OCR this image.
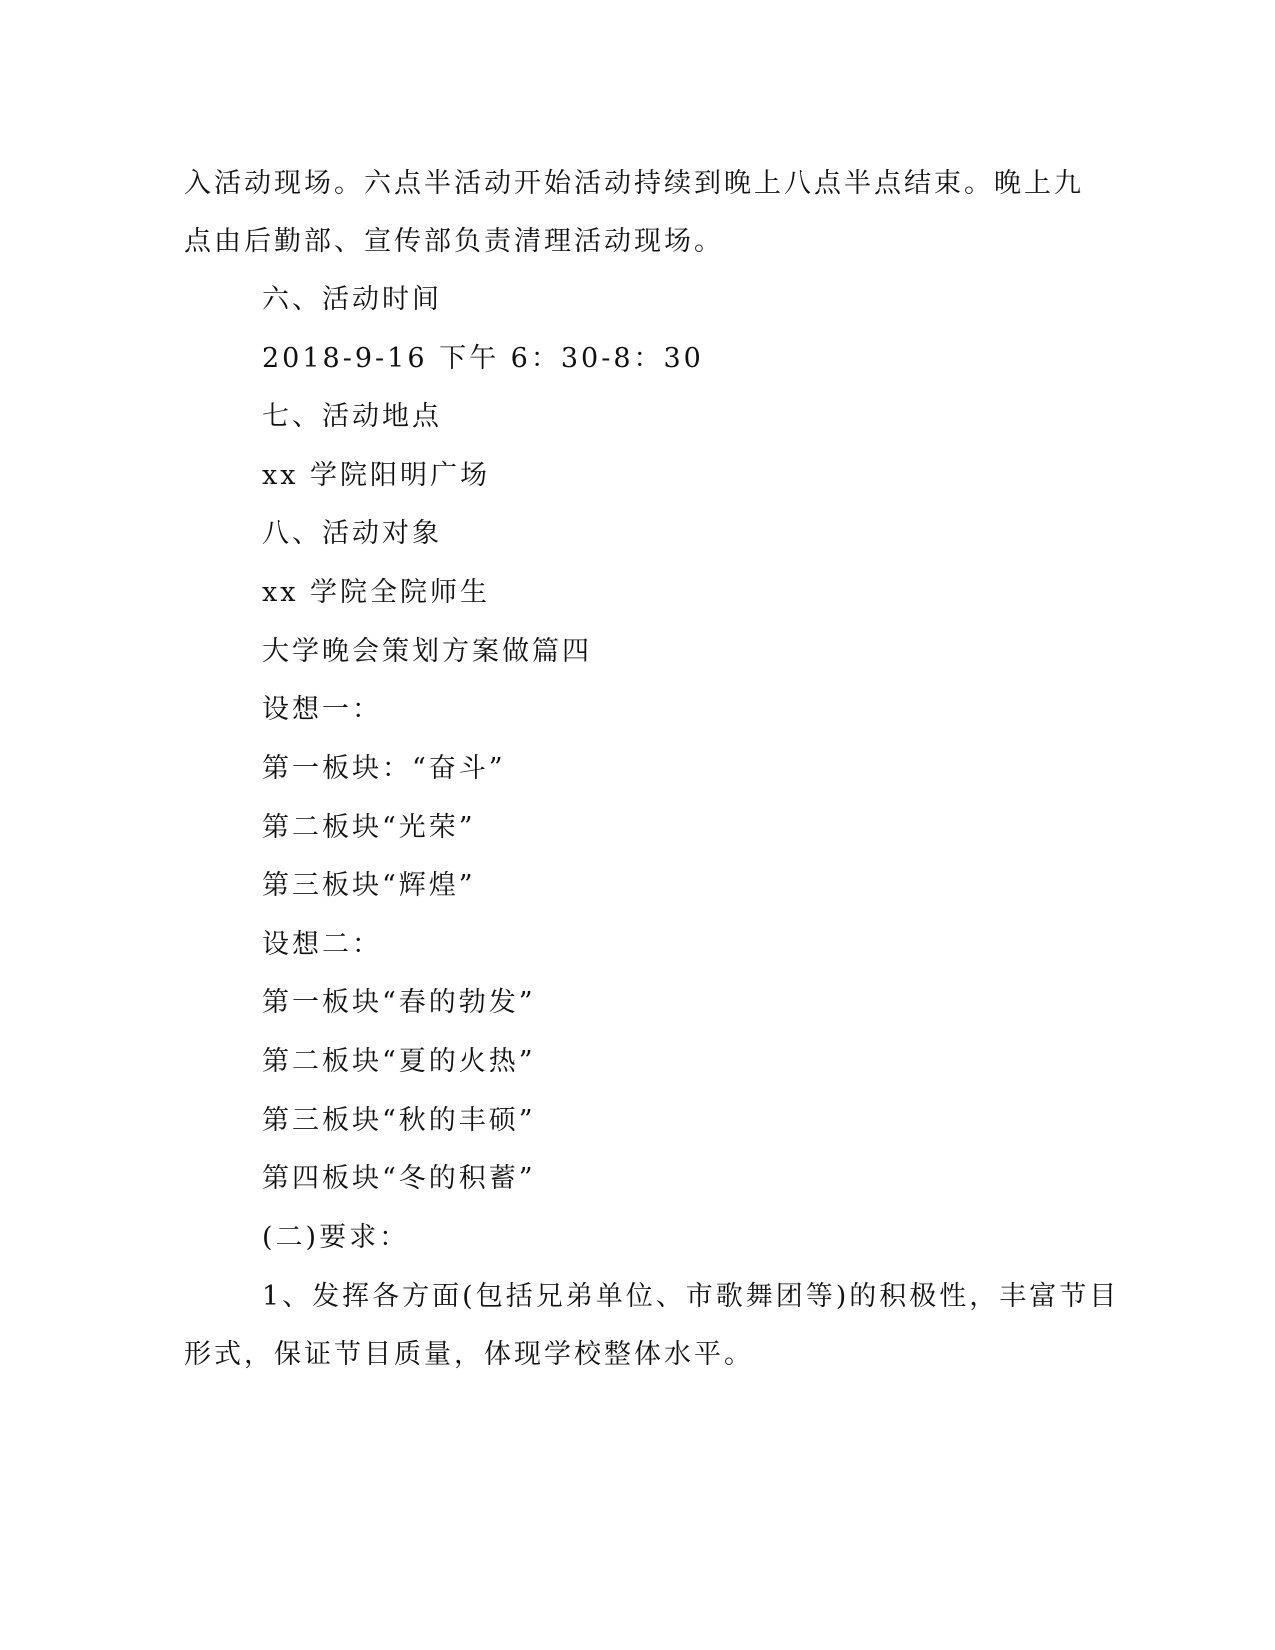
入活动现场。六点半活动开始活动持续到晚上八点半点结束。晚上九
点由后勤部、宣传部负责清理活动现场。
六、活动时间
2018-9-16 下午 6：30-8：30
七、活动地点
xx 学院阳明广场
八、活动对象
xx 学院全院师生
大学晚会策划方案做篇四
设想一：
第一板块：“奋斗”
第二板块“光荣”
第三板块“辉煌”
设想二：
第一板块“春的勃发”
第二板块“夏的火热”
第三板块“秋的丰硕”
第四板块“冬的积蓄”
(二)要求：
1、发挥各方面(包括兄弟单位、市歌舞团等)的积极性，丰富节目
形式，保证节目质量，体现学校整体水平。
